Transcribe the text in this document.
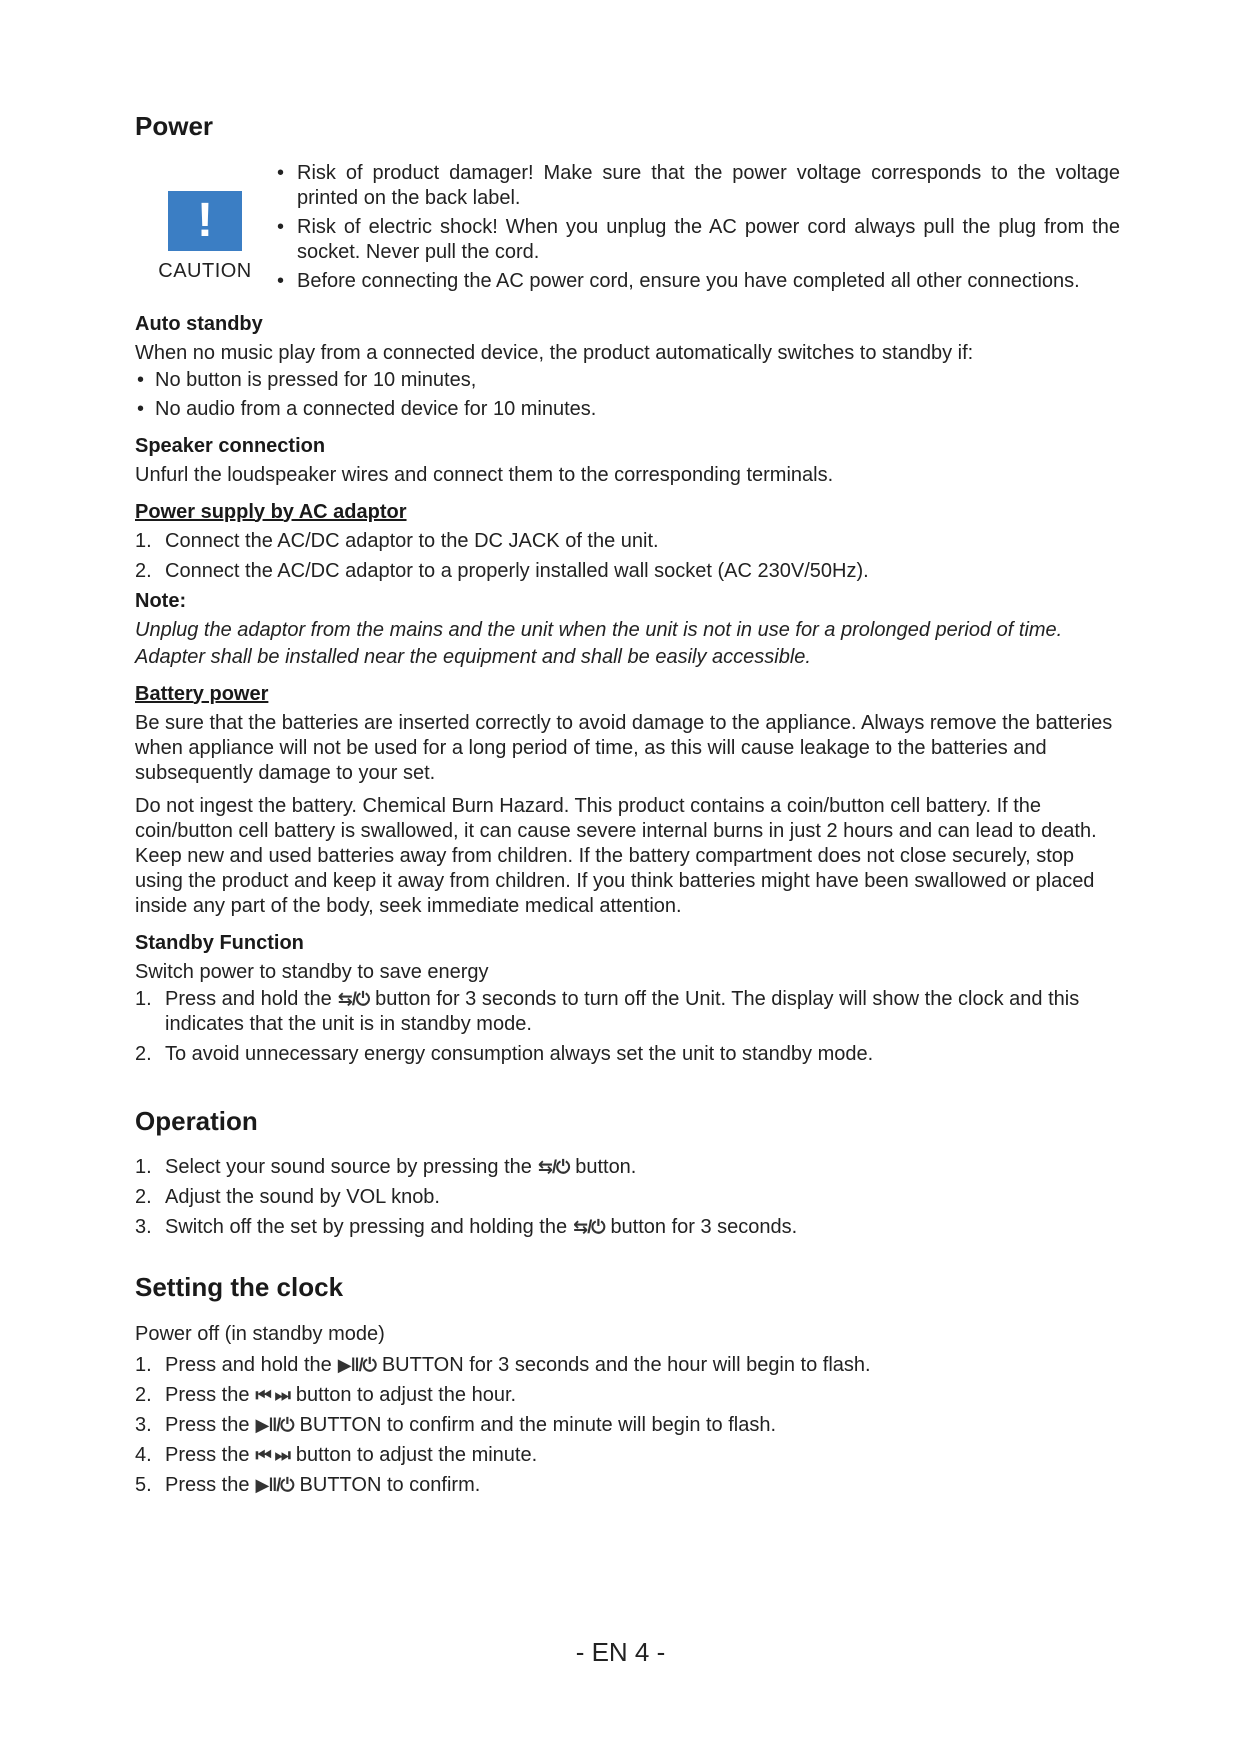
Power
!
CAUTION
• Risk of product damager! Make sure that the power voltage corresponds to the voltage printed on the back label.
• Risk of electric shock! When you unplug the AC power cord always pull the plug from the socket. Never pull the cord.
• Before connecting the AC power cord, ensure you have completed all other connections.
Auto standby

When no music play from a connected device, the product automatically switches to standby if:

• No button is pressed for 10 minutes,
• No audio from a connected device for 10 minutes.
Speaker connection

Unfurl the loudspeaker wires and connect them to the corresponding terminals.

Power supply by AC adaptor
1. Connect the AC/DC adaptor to the DC JACK of the unit.
2. Connect the AC/DC adaptor to a properly installed wall socket (AC 230V/50Hz).
Note:

Unplug the adaptor from the mains and the unit when the unit is not in use for a prolonged period of time.

Adapter shall be installed near the equipment and shall be easily accessible.

Battery power

Be sure that the batteries are inserted correctly to avoid damage to the appliance. Always remove the batteries when appliance will not be used for a long period of time, as this will cause leakage to the batteries and subsequently damage to your set.

Do not ingest the battery. Chemical Burn Hazard. This product contains a coin/button cell battery. If the coin/button cell battery is swallowed, it can cause severe internal burns in just 2 hours and can lead to death. Keep new and used batteries away from children. If the battery compartment does not close securely, stop using the product and keep it away from children. If you think batteries might have been swallowed or placed inside any part of the body, seek immediate medical attention.

Standby Function

Switch power to standby to save energy

1. Press and hold the ⇆/⏻ button for 3 seconds to turn off the Unit. The display will show the clock and this indicates that the unit is in standby mode.
2. To avoid unnecessary energy consumption always set the unit to standby mode.
Operation
1. Select your sound source by pressing the ⇆/⏻ button.
2. Adjust the sound by VOL knob.
3. Switch off the set by pressing and holding the ⇆/⏻ button for 3 seconds.
Setting the clock

Power off (in standby mode)

1. Press and hold the ▶‖/⏻ BUTTON for 3 seconds and the hour will begin to flash.
2. Press the ⏮ ⏭ button to adjust the hour.
3. Press the ▶‖/⏻ BUTTON to confirm and the minute will begin to flash.
4. Press the ⏮ ⏭ button to adjust the minute.
5. Press the ▶‖/⏻ BUTTON to confirm.
- EN 4 -
